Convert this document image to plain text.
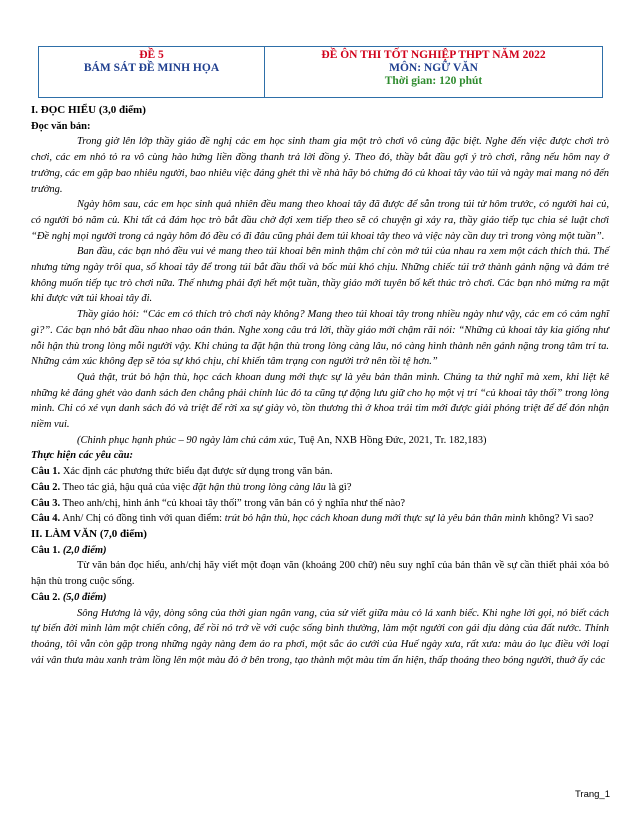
ĐỀ 5
BÁM SÁT ĐỀ MINH HỌA
ĐỀ ÔN THI TỐT NGHIỆP THPT NĂM 2022
MÔN: NGỮ VĂN
Thời gian: 120 phút

I. ĐỌC HIỂU (3,0 điểm)

Đọc văn bản:

Trong giờ lên lớp thầy giáo đề nghị các em học sinh tham gia một trò chơi vô cùng đặc biệt. Nghe đến việc được chơi trò chơi, các em nhỏ tỏ ra vô cùng hào hứng liền đồng thanh trả lời đồng ý. Theo đó, thầy bắt đầu gợi ý trò chơi, rằng nếu hôm nay ở trường, các em gặp bao nhiêu người, bao nhiêu việc đáng ghét thì về nhà hãy bỏ chừng đó củ khoai tây vào túi và ngày mai mang nó đến trường.

Ngày hôm sau, các em học sinh quả nhiên đều mang theo khoai tây đã được để sẵn trong túi từ hôm trước, có người hai củ, có người bỏ năm củ. Khi tất cả đám học trò bắt đầu chờ đợi xem tiếp theo sẽ có chuyện gì xảy ra, thầy giáo tiếp tục chia sẻ luật chơi “Đề nghị mọi người trong cả ngày hôm đó đều có đi đâu cũng phải đem túi khoai tây theo và việc này cần duy trì trong vòng một tuần”.

Ban đầu, các bạn nhỏ đều vui vẻ mang theo túi khoai bên mình thậm chí còn mở túi của nhau ra xem một cách thích thú. Thế nhưng từng ngày trôi qua, số khoai tây để trong túi bắt đầu thối và bốc mùi khó chịu. Những chiếc túi trở thành gánh nặng và đám trẻ không muốn tiếp tục trò chơi nữa. Thế nhưng phải đợi hết một tuần, thầy giáo mới tuyên bố kết thúc trò chơi. Các bạn nhỏ mừng ra mặt khi được vứt túi khoai tây đi.

Thầy giáo hỏi: “Các em có thích trò chơi này không? Mang theo túi khoai tây trong nhiều ngày như vậy, các em có cảm nghĩ gì?”. Các bạn nhỏ bắt đầu nhao nhao oán thán. Nghe xong câu trả lời, thầy giáo mới chậm rãi nói: “Những củ khoai tây kia giống như nỗi hận thù trong lòng mỗi người vậy. Khi chúng ta đặt hận thù trong lòng càng lâu, nó càng hình thành nên gánh nặng trong tâm trí ta. Những cảm xúc không đẹp sẽ tỏa sự khó chịu, chỉ khiến tâm trạng con người trở nên tồi tệ hơn.”

Quả thật, trút bỏ hận thù, học cách khoan dung mới thực sự là yêu bản thân mình. Chúng ta thử nghĩ mà xem, khi liệt kê những kẻ đáng ghét vào danh sách đen chẳng phải chính lúc đó ta cũng tự động lưu giữ cho họ một vị trí “củ khoai tây thối” trong lòng mình. Chi có xé vụn danh sách đó và triệt để rời xa sự giày vò, tồn thương thì ở khoa trái tim mới được giải phóng triệt để để đón nhận niềm vui.

(Chinh phục hạnh phúc – 90 ngày làm chủ cảm xúc, Tuệ An, NXB Hồng Đức, 2021, Tr. 182,183)

Thực hiện các yêu cầu:

Câu 1. Xác định các phương thức biểu đạt được sử dụng trong văn bản.

Câu 2. Theo tác giả, hậu quả của việc đặt hận thù trong lòng càng lâu là gì?

Câu 3. Theo anh/chị, hình ảnh “củ khoai tây thối” trong văn bản có ý nghĩa như thế nào?

Câu 4. Anh/ Chị có đồng tình với quan điểm: trút bỏ hận thù, học cách khoan dung mới thực sự là yêu bản thân mình không? Vì sao?

II. LÀM VĂN (7,0 điểm)

Câu 1. (2,0 điểm)

Từ văn bản đọc hiểu, anh/chị hãy viết một đoạn văn (khoảng 200 chữ) nêu suy nghĩ của bản thân về sự cần thiết phải xóa bỏ hận thù trong cuộc sống.

Câu 2. (5,0 điểm)

Sông Hương là vậy, dòng sông của thời gian ngân vang, của sử viết giữa màu cỏ lá xanh biếc. Khi nghe lời gọi, nó biết cách tự biến đời mình làm một chiến công, để rồi nó trở về với cuộc sống bình thường, làm một người con gái dịu dàng của đất nước. Thỉnh thoảng, tôi vẫn còn gặp trong những ngày nàng đem áo ra phơi, một sắc áo cưới của Huế ngày xưa, rất xưa: màu áo lục điều với loại vải vân thưa màu xanh tràm lồng lên một màu đỏ ở bên trong, tạo thành một màu tím ẩn hiện, thấp thoáng theo bóng người, thuở ấy các

Trang_1
